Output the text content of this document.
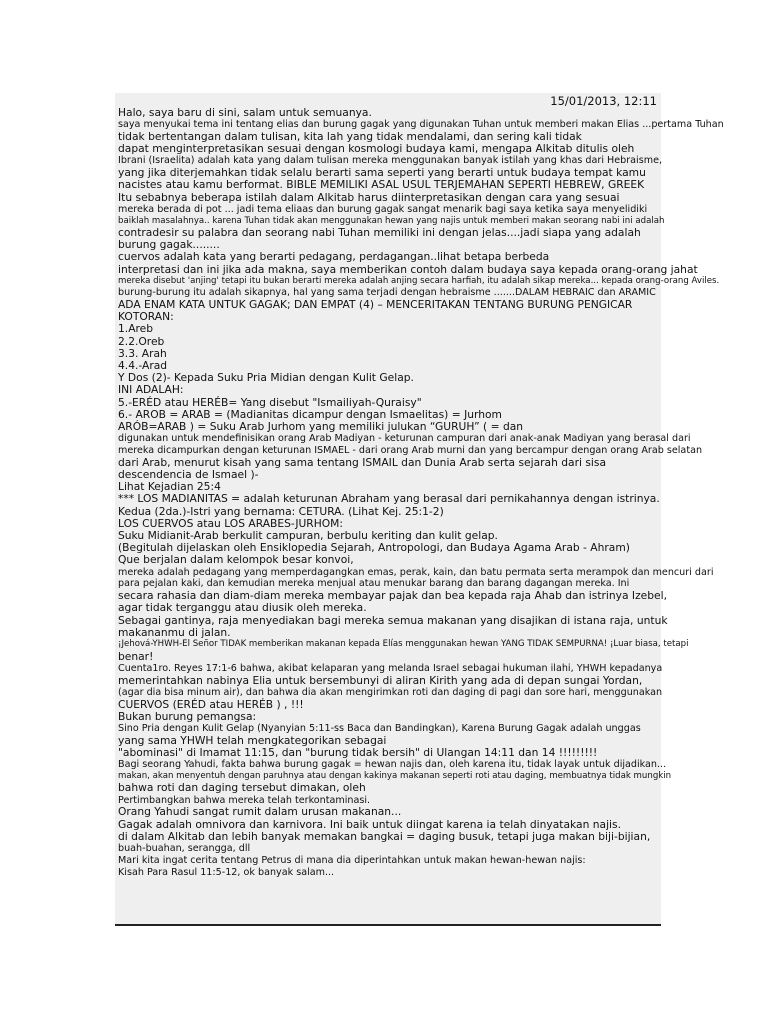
15/01/2013, 12:11
Halo, saya baru di sini, salam untuk semuanya.
saya menyukai tema ini tentang elias dan burung gagak yang digunakan Tuhan untuk memberi makan Elias ...pertama Tuhan
tidak bertentangan dalam tulisan, kita lah yang tidak mendalami, dan sering kali tidak
dapat menginterpretasikan sesuai dengan kosmologi budaya kami, mengapa Alkitab ditulis oleh
Ibrani (Israelita) adalah kata yang dalam tulisan mereka menggunakan banyak istilah yang khas dari Hebraisme,
yang jika diterjemahkan tidak selalu berarti sama seperti yang berarti untuk budaya tempat kamu
nacistes atau kamu berformat. BIBLE MEMILIKI ASAL USUL TERJEMAHAN SEPERTI HEBREW, GREEK
Itu sebabnya beberapa istilah dalam Alkitab harus diinterpretasikan dengan cara yang sesuai
mereka berada di pot ... jadi tema eliaas dan burung gagak sangat menarik bagi saya ketika saya menyelidiki
baiklah masalahnya.. karena Tuhan tidak akan menggunakan hewan yang najis untuk memberi makan seorang nabi ini adalah
contradesir su palabra dan seorang nabi Tuhan memiliki ini dengan jelas....jadi siapa yang adalah
burung gagak........
cuervos adalah kata yang berarti pedagang, perdagangan..lihat betapa berbeda
interpretasi dan ini jika ada makna, saya memberikan contoh dalam budaya saya kepada orang-orang jahat
mereka disebut 'anjing' tetapi itu bukan berarti mereka adalah anjing secara harfiah, itu adalah sikap mereka... kepada orang-orang Aviles.
burung-burung itu adalah sikapnya, hal yang sama terjadi dengan hebraisme .......DALAM HEBRAIC dan ARAMIC
ADA ENAM KATA UNTUK GAGAK; DAN EMPAT (4) – MENCERITAKAN TENTANG BURUNG PENGICAR
KOTORAN:
1.Areb
2.2.Oreb
3.3. Arah
4.4.-Arad
Y Dos (2)- Kepada Suku Pria Midian dengan Kulit Gelap.
INI ADALAH:
5.-ERÉD atau HERÉB= Yang disebut "Ismailiyah-Quraisy"
6.- AROB = ARAB = (Madianitas dicampur dengan Ismaelitas) = Jurhom
ARÓB=ARAB ) = Suku Arab Jurhom yang memiliki julukan “GURUH” ( = dan
digunakan untuk mendefinisikan orang Arab Madiyan - keturunan campuran dari anak-anak Madiyan yang berasal dari
mereka dicampurkan dengan keturunan ISMAEL - dari orang Arab murni dan yang bercampur dengan orang Arab selatan
dari Arab, menurut kisah yang sama tentang ISMAIL dan Dunia Arab serta sejarah dari sisa
descendencia de Ismael )-
Lihat Kejadian 25:4
*** LOS MADIANITAS = adalah keturunan Abraham yang berasal dari pernikahannya dengan istrinya.
Kedua (2da.)-Istri yang bernama: CETURA. (Lihat Kej. 25:1-2)
LOS CUERVOS atau LOS ARABES-JURHOM:
Suku Midianit-Arab berkulit campuran, berbulu keriting dan kulit gelap.
(Begitulah dijelaskan oleh Ensiklopedia Sejarah, Antropologi, dan Budaya Agama Arab - Ahram)
Que berjalan dalam kelompok besar konvoi,
mereka adalah pedagang yang memperdagangkan emas, perak, kain, dan batu permata serta merampok dan mencuri dari
para pejalan kaki, dan kemudian mereka menjual atau menukar barang dan barang dagangan mereka. Ini
secara rahasia dan diam-diam mereka membayar pajak dan bea kepada raja Ahab dan istrinya Izebel,
agar tidak terganggu atau diusik oleh mereka.
Sebagai gantinya, raja menyediakan bagi mereka semua makanan yang disajikan di istana raja, untuk
makananmu di jalan.
¡Jehová-YHWH-El Señor TIDAK memberikan makanan kepada Elías menggunakan hewan YANG TIDAK SEMPURNA! ¡Luar biasa, tetapi
benar!
Cuenta1ro. Reyes 17:1-6 bahwa, akibat kelaparan yang melanda Israel sebagai hukuman ilahi, YHWH kepadanya
memerintahkan nabinya Elia untuk bersembunyi di aliran Kirith yang ada di depan sungai Yordan,
(agar dia bisa minum air), dan bahwa dia akan mengirimkan roti dan daging di pagi dan sore hari, menggunakan
CUERVOS (ERÉD atau HERÉB ) , !!!
Bukan burung pemangsa:
Sino Pria dengan Kulit Gelap (Nyanyian 5:11-ss Baca dan Bandingkan), Karena Burung Gagak adalah unggas
yang sama YHWH telah mengkategorikan sebagai
"abominasi" di Imamat 11:15, dan "burung tidak bersih" di Ulangan 14:11 dan 14 !!!!!!!!!
Bagi seorang Yahudi, fakta bahwa burung gagak = hewan najis dan, oleh karena itu, tidak layak untuk dijadikan...
makan, akan menyentuh dengan paruhnya atau dengan kakinya makanan seperti roti atau daging, membuatnya tidak mungkin
bahwa roti dan daging tersebut dimakan, oleh
Pertimbangkan bahwa mereka telah terkontaminasi.
Orang Yahudi sangat rumit dalam urusan makanan...
Gagak adalah omnivora dan karnivora. Ini baik untuk diingat karena ia telah dinyatakan najis.
di dalam Alkitab dan lebih banyak memakan bangkai = daging busuk, tetapi juga makan biji-bijian,
buah-buahan, serangga, dll
Mari kita ingat cerita tentang Petrus di mana dia diperintahkan untuk makan hewan-hewan najis:
Kisah Para Rasul 11:5-12, ok banyak salam...
